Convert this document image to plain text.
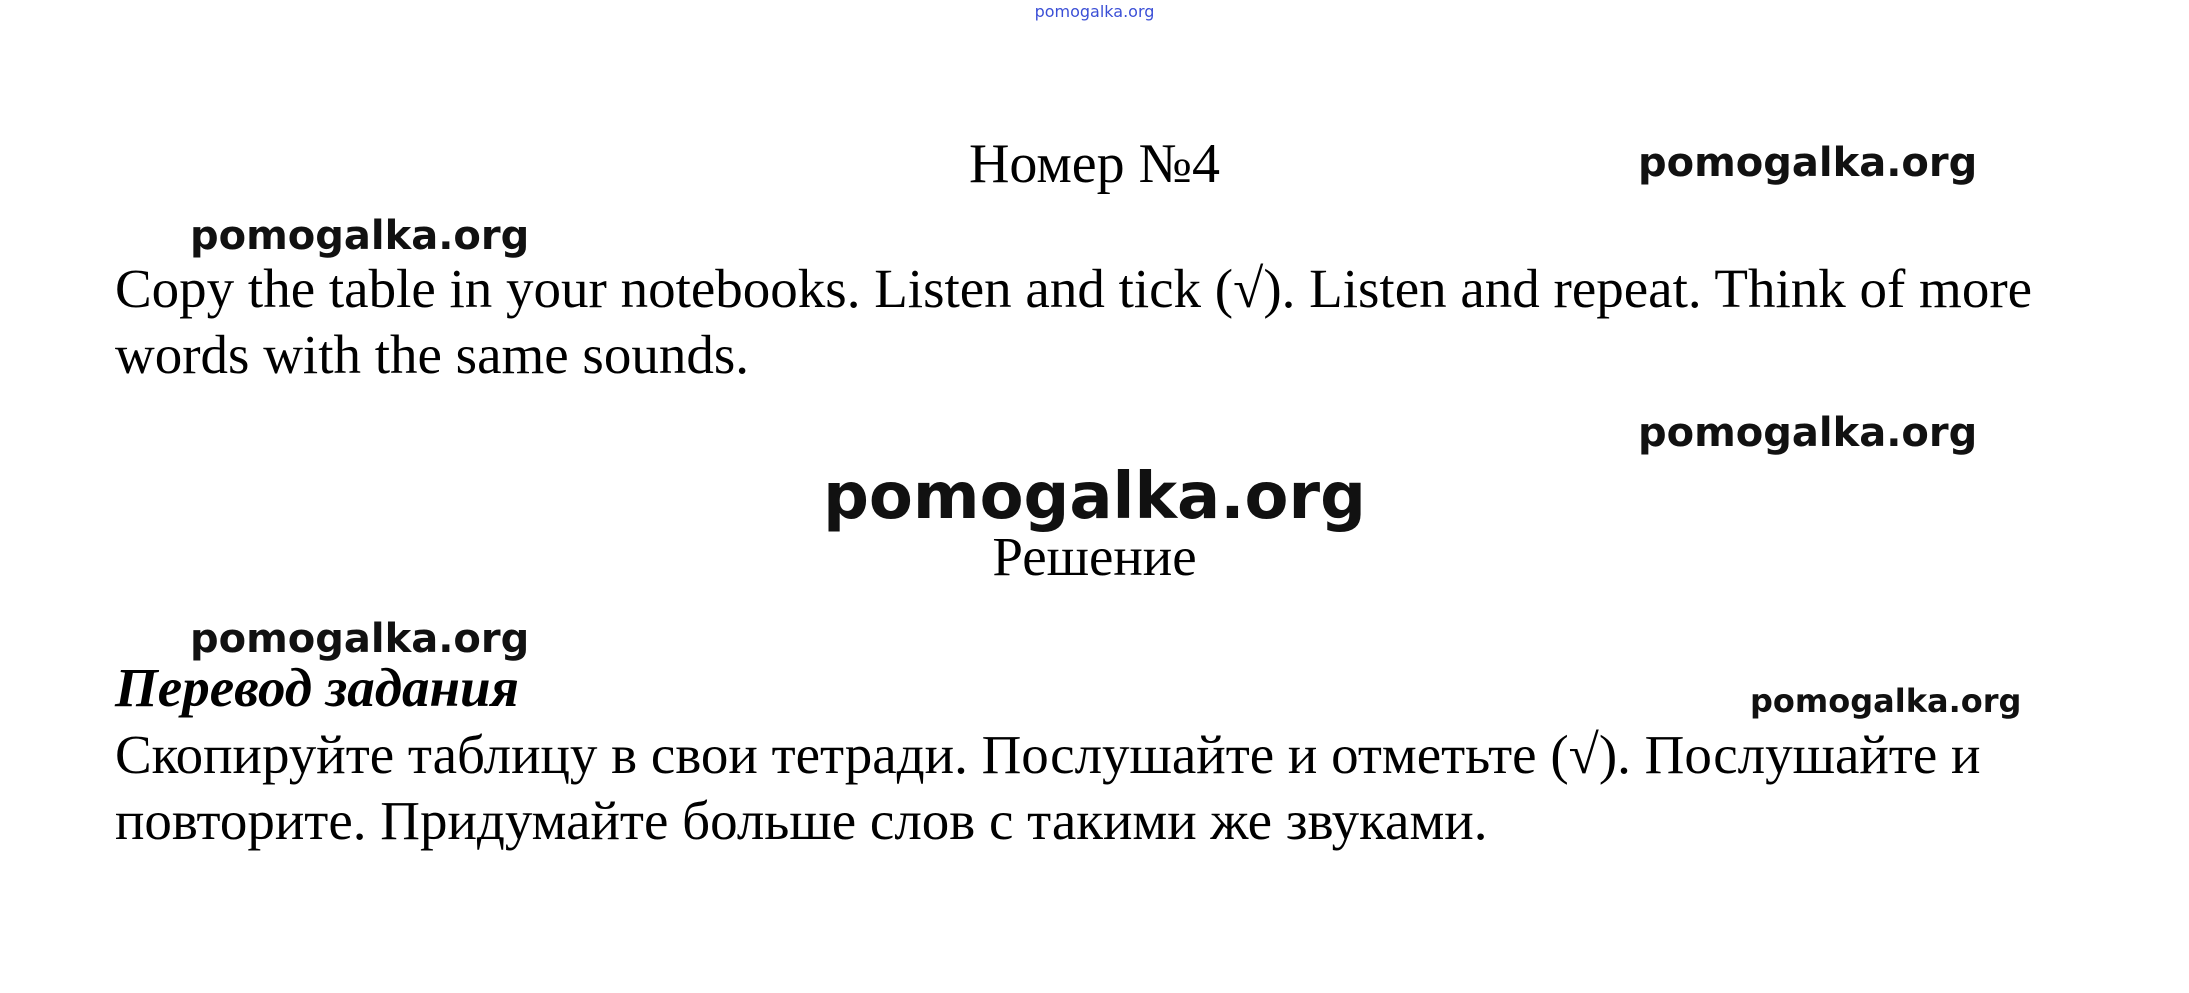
pomogalka.org
Номер №4	pomogalka.org
pomogalka.org
Copy the table in your notebooks. Listen and tick (√). Listen and repeat. Think of more words with the same sounds.
pomogalka.org
pomogalka.org
Решение
pomogalka.org
Перевод задания	pomogalka.org
Скопируйте таблицу в свои тетради. Послушайте и отметьте (√). Послушайте и повторите. Придумайте больше слов с такими же звуками.
